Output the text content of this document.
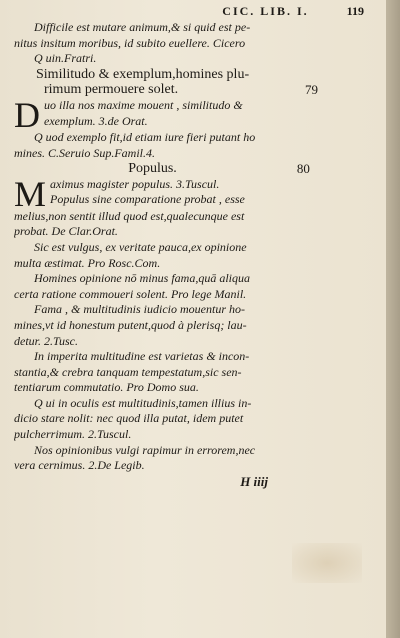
CIC. LIB. I.	119
Difficile est mutare animum,& si quid est pe-
nitus insitum moribus, id subito euellere. Cicero
Q uin.Fratri.
Similitudo & exemplum,homines plu-
rimum permouere solet.	79
D uo illa nos maxime mouent , similitudo &
exemplum. 3.de Orat.
Q uod exemplo fit,id etiam iure fieri putant ho
mines. C.Seruio Sup.Famil.4.
Populus.	80
M aximus magister populus. 3.Tuscul.
Populus sine comparatione probat , esse
melius,non sentit illud quod est,qualecunque est
probat. De Clar.Orat.
Sic est vulgus, ex veritate pauca,ex opinione
multa æstimat. Pro Rosc.Com.
Homines opinione nō minus fama,quā aliqua
certa ratione commoueri solent. Pro lege Manil.
Fama , & multitudinis iudicio mouentur ho-
mines,vt id honestum putent,quod à plerisq; lau-
detur. 2.Tusc.
In imperita multitudine est varietas & incon-
stantia,& crebra tanquam tempestatum,sic sen-
tentiarum commutatio. Pro Domo sua.
Q ui in oculis est multitudinis,tamen illius in-
dicio stare nolit: nec quod illa putat, idem putet
pulcherrimum. 2.Tuscul.
Nos opinionibus vulgi rapimur in errorem,nec
vera cernimus. 2.De Legib.
H iiij
